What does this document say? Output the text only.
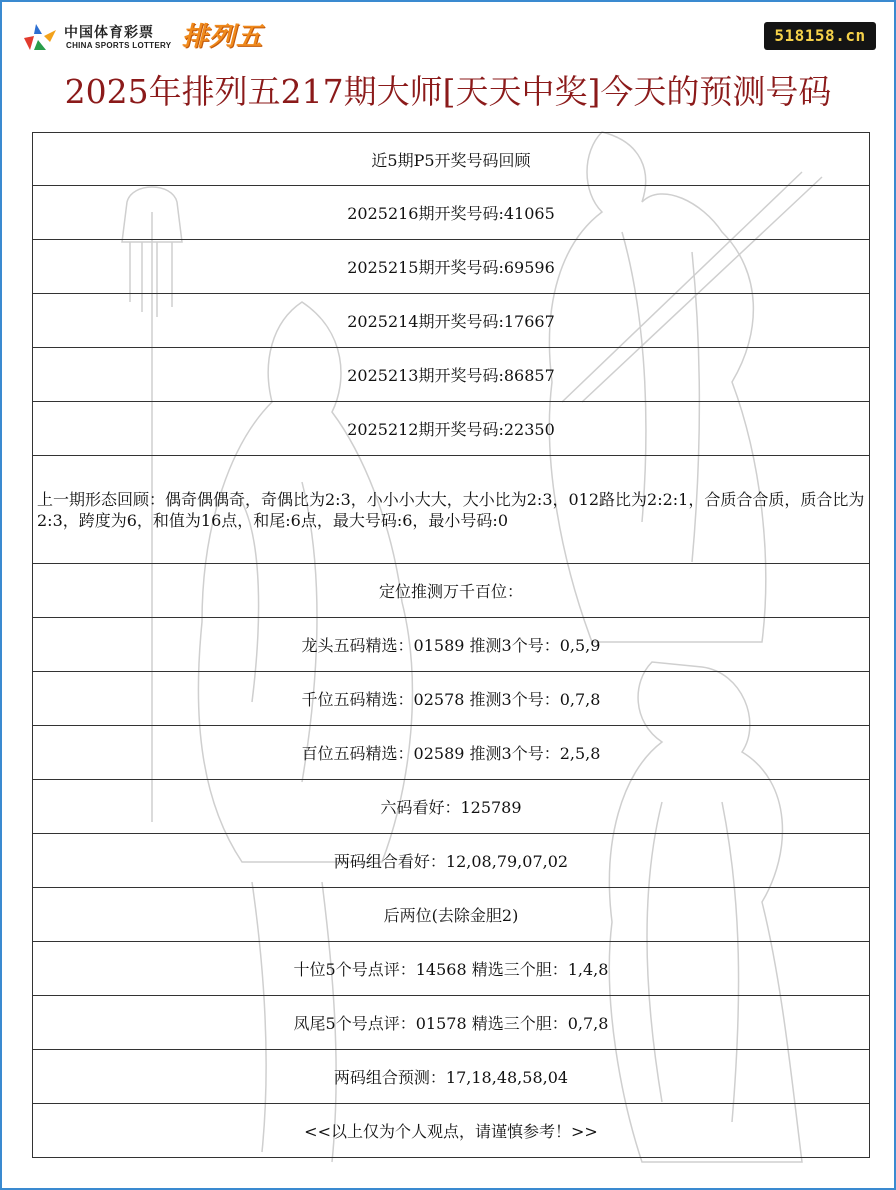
中国体育彩票
CHINA SPORTS LOTTERY 排列五	518158.cn
2025年排列五217期大师[天天中奖]今天的预测号码
近5期P5开奖号码回顾
2025216期开奖号码:41065
2025215期开奖号码:69596
2025214期开奖号码:17667
2025213期开奖号码:86857
2025212期开奖号码:22350
上一期形态回顾：偶奇偶偶奇，奇偶比为2:3，小小小大大，大小比为2:3，012路比为2:2:1，合质合合质，质合比为2:3，跨度为6，和值为16点，和尾:6点，最大号码:6，最小号码:0
定位推测万千百位：
龙头五码精选：01589 推测3个号：0,5,9
千位五码精选：02578 推测3个号：0,7,8
百位五码精选：02589 推测3个号：2,5,8
六码看好：125789
两码组合看好：12,08,79,07,02
后两位(去除金胆2)
十位5个号点评：14568 精选三个胆：1,4,8
凤尾5个号点评：01578 精选三个胆：0,7,8
两码组合预测：17,18,48,58,04
<<以上仅为个人观点，请谨慎参考！>>
